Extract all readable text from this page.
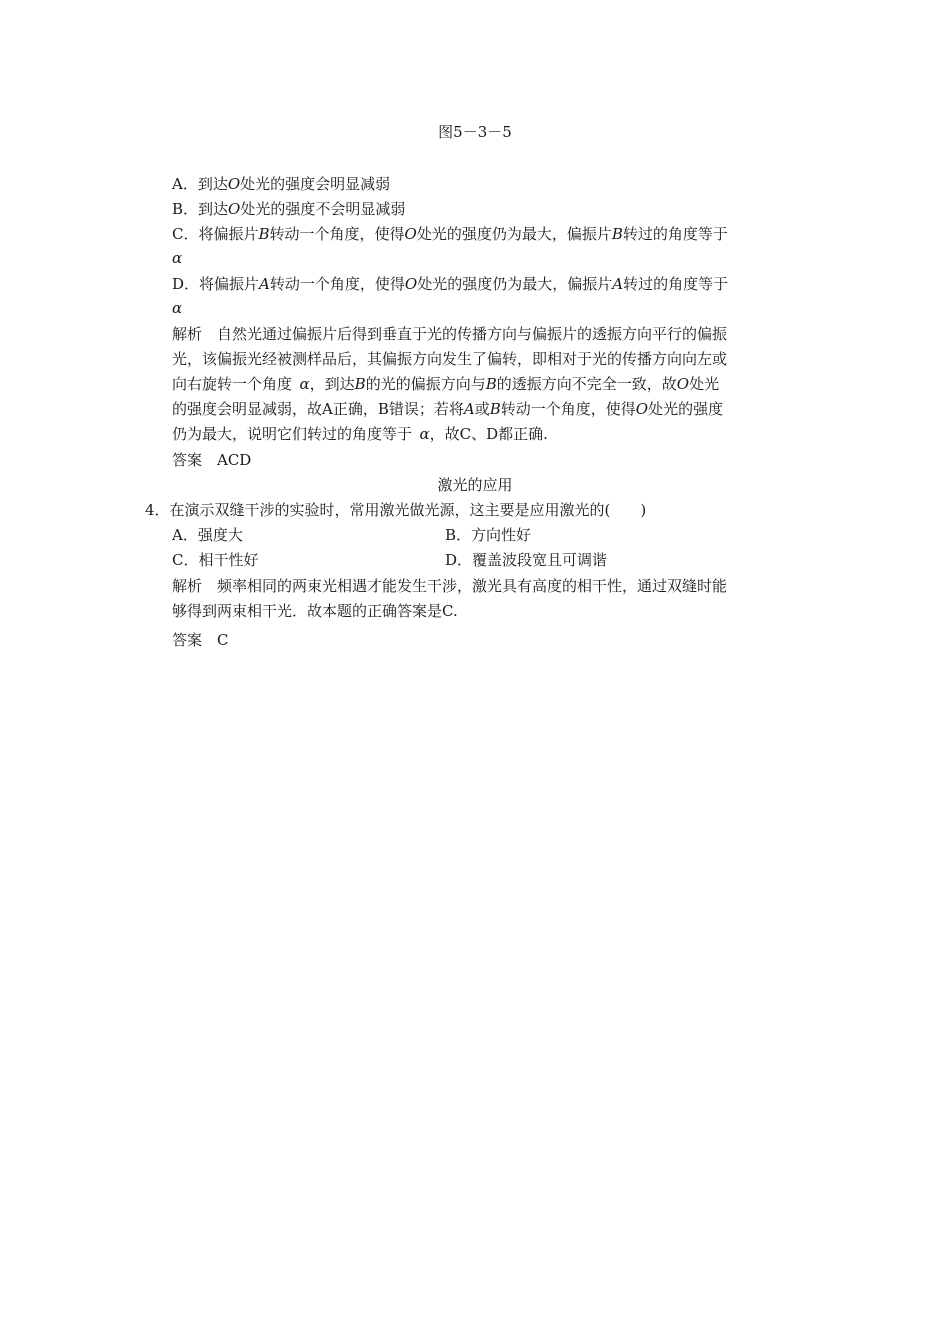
图5－3－5
A．到达O处光的强度会明显减弱
B．到达O处光的强度不会明显减弱
C．将偏振片B转动一个角度，使得O处光的强度仍为最大，偏振片B转过的角度等于
α
D．将偏振片A转动一个角度，使得O处光的强度仍为最大，偏振片A转过的角度等于
α
解析　自然光通过偏振片后得到垂直于光的传播方向与偏振片的透振方向平行的偏振
光，该偏振光经被测样品后，其偏振方向发生了偏转，即相对于光的传播方向向左或
向右旋转一个角度  α，到达B的光的偏振方向与B的透振方向不完全一致，故O处光
的强度会明显减弱，故A正确，B错误；若将A或B转动一个角度，使得O处光的强度
仍为最大，说明它们转过的角度等于  α，故C、D都正确.
答案　ACD
激光的应用
4．在演示双缝干涉的实验时，常用激光做光源，这主要是应用激光的(　　)
A．强度大	B．方向性好
C．相干性好	D．覆盖波段宽且可调谐
解析　频率相同的两束光相遇才能发生干涉，激光具有高度的相干性，通过双缝时能
够得到两束相干光．故本题的正确答案是C.
答案　C
